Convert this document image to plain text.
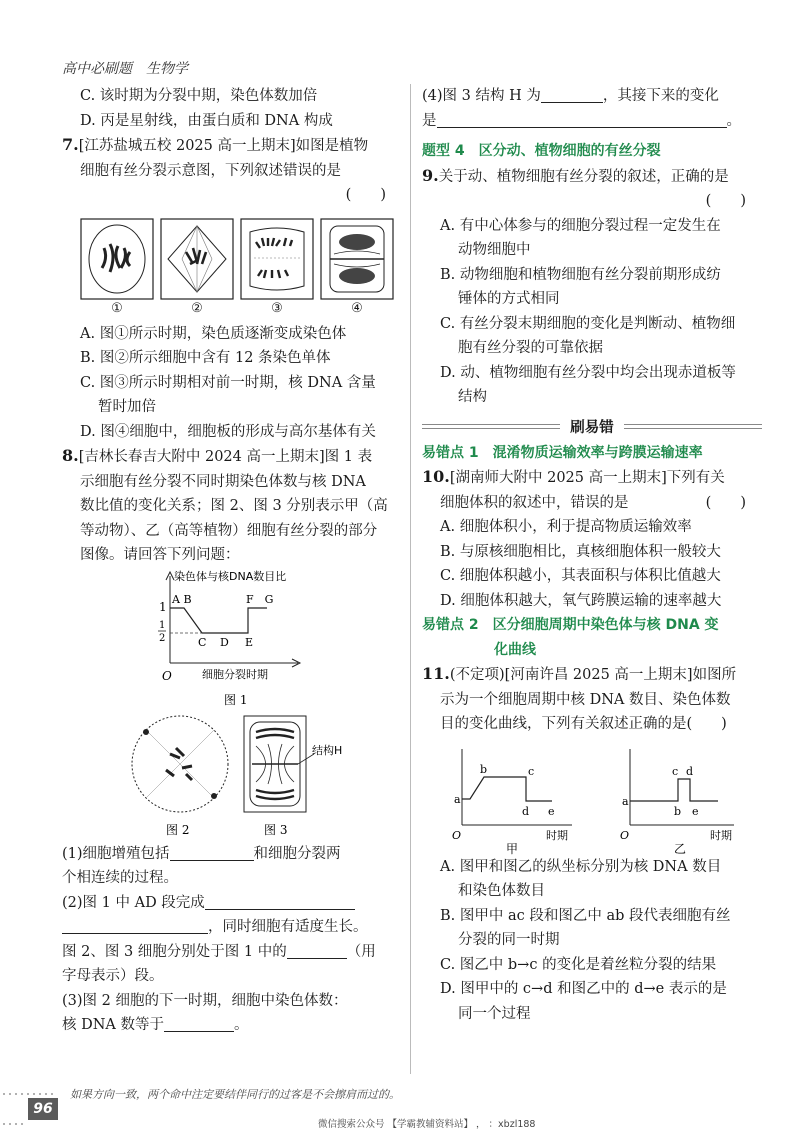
高中必刷题　生物学

C. 该时期为分裂中期，染色体数加倍

D. 丙是星射线，由蛋白质和 DNA 构成

7.[江苏盐城五校 2025 高一上期末]如图是植物

细胞有丝分裂示意图，下列叙述错误的是

(　　)

①	②	③	④

A. 图①所示时期，染色质逐渐变成染色体

B. 图②所示细胞中含有 12 条染色单体

C. 图③所示时期相对前一时期，核 DNA 含量

暂时加倍

D. 图④细胞中，细胞板的形成与高尔基体有关

8.[吉林长春吉大附中 2024 高一上期末]图 1 表

示细胞有丝分裂不同时期染色体数与核 DNA

数比值的变化关系；图 2、图 3 分别表示甲（高

等动物）、乙（高等植物）细胞有丝分裂的部分

图像。请回答下列问题：

染色体与核DNA数目比
1
1
2
O
A B
C D E
F　G
细胞分裂时期
图 1
图 2
结构H
图 3

(1)细胞增殖包括	和细胞分裂两

个相连续的过程。

(2)图 1 中 AD 段完成

，同时细胞有适度生长。

图 2、图 3 细胞分别处于图 1 中的	（用

字母表示）段。

(3)图 2 细胞的下一时期，细胞中染色体数：

核 DNA 数等于	。

(4)图 3 结构 H 为	，其接下来的变化

是	。

题型 4　区分动、植物细胞的有丝分裂

9.关于动、植物细胞有丝分裂的叙述，正确的是

(　　)

A. 有中心体参与的细胞分裂过程一定发生在

动物细胞中

B. 动物细胞和植物细胞有丝分裂前期形成纺

锤体的方式相同

C. 有丝分裂末期细胞的变化是判断动、植物细

胞有丝分裂的可靠依据

D. 动、植物细胞有丝分裂中均会出现赤道板等

结构

刷易错

易错点 1　混淆物质运输效率与跨膜运输速率

10.[湖南师大附中 2025 高一上期末]下列有关

细胞体积的叙述中，错误的是	(　　)

A. 细胞体积小，利于提高物质运输效率

B. 与原核细胞相比，真核细胞体积一般较大

C. 细胞体积越小，其表面积与体积比值越大

D. 细胞体积越大，氧气跨膜运输的速率越大

易错点 2　区分细胞周期中染色体与核 DNA 变

化曲线

11.(不定项)[河南许昌 2025 高一上期末]如图所

示为一个细胞周期中核 DNA 数目、染色体数

目的变化曲线，下列有关叙述正确的是(　　)

a
b	c
d e
O	时期
甲
a
b
c d
e
O	时期
乙

A. 图甲和图乙的纵坐标分别为核 DNA 数目

和染色体数目

B. 图甲中 ac 段和图乙中 ab 段代表细胞有丝

分裂的同一时期

C. 图乙中 b→c 的变化是着丝粒分裂的结果

D. 图甲中的 c→d 和图乙中的 d→e 表示的是

同一个过程

96
如果方向一致，两个命中注定要结伴同行的过客是不会擦肩而过的。
微信搜索公众号 【学霸教辅资料站】 ， ：xbzl188
